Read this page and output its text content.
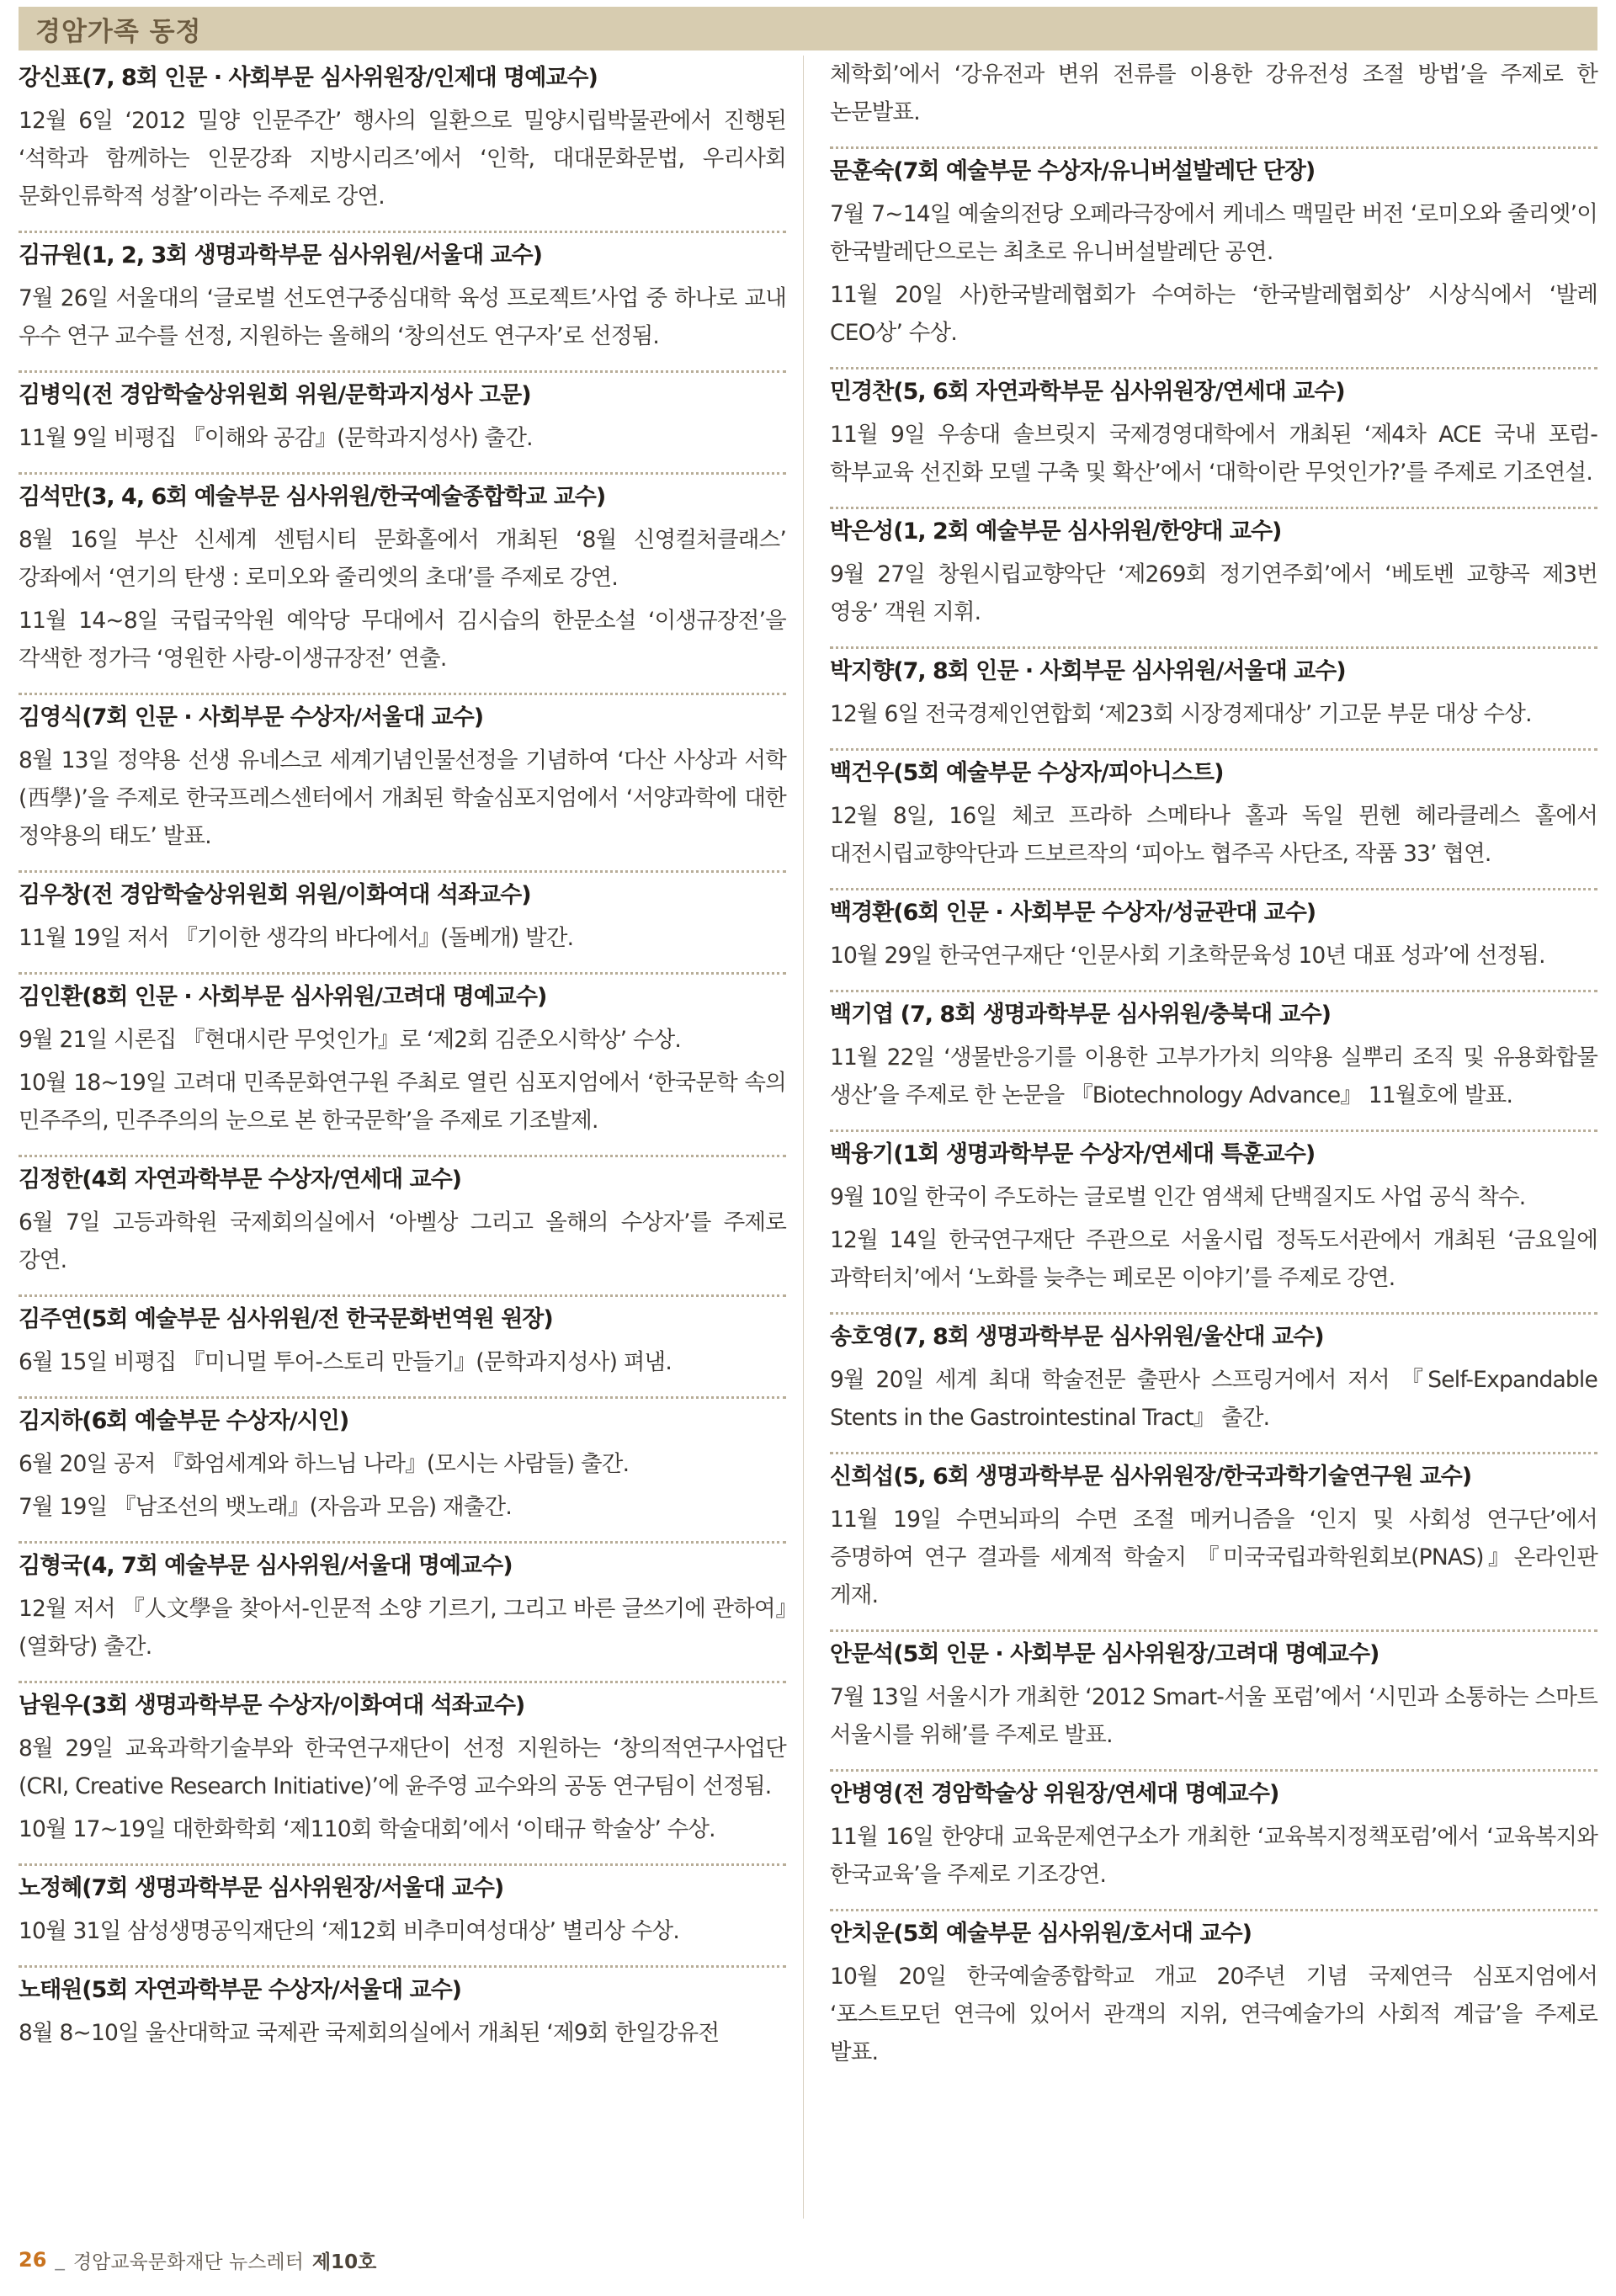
경암가족 동정
강신표(7, 8회 인문 · 사회부문 심사위원장/인제대 명예교수)

12월 6일 ‘2012 밀양 인문주간’ 행사의 일환으로 밀양시립박물관에서 진행된 ‘석학과 함께하는 인문강좌 지방시리즈’에서 ‘인학, 대대문화문법, 우리사회 문화인류학적 성찰’이라는 주제로 강연.

김규원(1, 2, 3회 생명과학부문 심사위원/서울대 교수)

7월 26일 서울대의 ‘글로벌 선도연구중심대학 육성 프로젝트’사업 중 하나로 교내 우수 연구 교수를 선정, 지원하는 올해의 ‘창의선도 연구자’로 선정됨.

김병익(전 경암학술상위원회 위원/문학과지성사 고문)

11월 9일 비평집 『이해와 공감』(문학과지성사) 출간.

김석만(3, 4, 6회 예술부문 심사위원/한국예술종합학교 교수)

8월 16일 부산 신세계 센텀시티 문화홀에서 개최된 ‘8월 신영컬처클래스’ 강좌에서 ‘연기의 탄생 : 로미오와 줄리엣의 초대’를 주제로 강연.

11월 14~8일 국립국악원 예악당 무대에서 김시습의 한문소설 ‘이생규장전’을 각색한 정가극 ‘영원한 사랑-이생규장전’ 연출.

김영식(7회 인문 · 사회부문 수상자/서울대 교수)

8월 13일 정약용 선생 유네스코 세계기념인물선정을 기념하여 ‘다산 사상과 서학(西學)’을 주제로 한국프레스센터에서 개최된 학술심포지엄에서 ‘서양과학에 대한 정약용의 태도’ 발표.

김우창(전 경암학술상위원회 위원/이화여대 석좌교수)

11월 19일 저서 『기이한 생각의 바다에서』(돌베개) 발간.

김인환(8회 인문 · 사회부문 심사위원/고려대 명예교수)

9월 21일 시론집 『현대시란 무엇인가』로 ‘제2회 김준오시학상’ 수상.

10월 18~19일 고려대 민족문화연구원 주최로 열린 심포지엄에서 ‘한국문학 속의 민주주의, 민주주의의 눈으로 본 한국문학’을 주제로 기조발제.

김정한(4회 자연과학부문 수상자/연세대 교수)

6월 7일 고등과학원 국제회의실에서 ‘아벨상 그리고 올해의 수상자’를 주제로 강연.

김주연(5회 예술부문 심사위원/전 한국문화번역원 원장)

6월 15일 비평집 『미니멀 투어-스토리 만들기』(문학과지성사) 펴냄.

김지하(6회 예술부문 수상자/시인)

6월 20일 공저 『화엄세계와 하느님 나라』(모시는 사람들) 출간.

7월 19일 『남조선의 뱃노래』(자음과 모음) 재출간.

김형국(4, 7회 예술부문 심사위원/서울대 명예교수)

12월 저서 『人文學을 찾아서-인문적 소양 기르기, 그리고 바른 글쓰기에 관하여』(열화당) 출간.

남원우(3회 생명과학부문 수상자/이화여대 석좌교수)

8월 29일 교육과학기술부와 한국연구재단이 선정 지원하는 ‘창의적연구사업단(CRI, Creative Research Initiative)’에 윤주영 교수와의 공동 연구팀이 선정됨.

10월 17~19일 대한화학회 ‘제110회 학술대회’에서 ‘이태규 학술상’ 수상.

노정혜(7회 생명과학부문 심사위원장/서울대 교수)

10월 31일 삼성생명공익재단의 ‘제12회 비추미여성대상’ 별리상 수상.

노태원(5회 자연과학부문 수상자/서울대 교수)

8월 8~10일 울산대학교 국제관 국제회의실에서 개최된 ‘제9회 한일강유전

체학회’에서 ‘강유전과 변위 전류를 이용한 강유전성 조절 방법’을 주제로 한 논문발표.

문훈숙(7회 예술부문 수상자/유니버설발레단 단장)

7월 7~14일 예술의전당 오페라극장에서 케네스 맥밀란 버전 ‘로미오와 줄리엣’이 한국발레단으로는 최초로 유니버설발레단 공연.

11월 20일 사)한국발레협회가 수여하는 ‘한국발레협회상’ 시상식에서 ‘발레 CEO상’ 수상.

민경찬(5, 6회 자연과학부문 심사위원장/연세대 교수)

11월 9일 우송대 솔브릿지 국제경영대학에서 개최된 ‘제4차 ACE 국내 포럼-학부교육 선진화 모델 구축 및 확산’에서 ‘대학이란 무엇인가?’를 주제로 기조연설.

박은성(1, 2회 예술부문 심사위원/한양대 교수)

9월 27일 창원시립교향악단 ‘제269회 정기연주회’에서 ‘베토벤 교향곡 제3번 영웅’ 객원 지휘.

박지향(7, 8회 인문 · 사회부문 심사위원/서울대 교수)

12월 6일 전국경제인연합회 ‘제23회 시장경제대상’ 기고문 부문 대상 수상.

백건우(5회 예술부문 수상자/피아니스트)

12월 8일, 16일 체코 프라하 스메타나 홀과 독일 뮌헨 헤라클레스 홀에서 대전시립교향악단과 드보르작의 ‘피아노 협주곡 사단조, 작품 33’ 협연.

백경환(6회 인문 · 사회부문 수상자/성균관대 교수)

10월 29일 한국연구재단 ‘인문사회 기초학문육성 10년 대표 성과’에 선정됨.

백기엽 (7, 8회 생명과학부문 심사위원/충북대 교수)

11월 22일 ‘생물반응기를 이용한 고부가가치 의약용 실뿌리 조직 및 유용화합물 생산’을 주제로 한 논문을 『Biotechnology Advance』 11월호에 발표.

백융기(1회 생명과학부문 수상자/연세대 특훈교수)

9월 10일 한국이 주도하는 글로벌 인간 염색체 단백질지도 사업 공식 착수.

12월 14일 한국연구재단 주관으로 서울시립 정독도서관에서 개최된 ‘금요일에 과학터치’에서 ‘노화를 늦추는 페로몬 이야기’를 주제로 강연.

송호영(7, 8회 생명과학부문 심사위원/울산대 교수)

9월 20일 세계 최대 학술전문 출판사 스프링거에서 저서 『Self-Expandable Stents in the Gastrointestinal Tract』 출간.

신희섭(5, 6회 생명과학부문 심사위원장/한국과학기술연구원 교수)

11월 19일 수면뇌파의 수면 조절 메커니즘을 ‘인지 및 사회성 연구단’에서 증명하여 연구 결과를 세계적 학술지 『미국국립과학원회보(PNAS)』온라인판 게재.

안문석(5회 인문 · 사회부문 심사위원장/고려대 명예교수)

7월 13일 서울시가 개최한 ‘2012 Smart-서울 포럼’에서 ‘시민과 소통하는 스마트 서울시를 위해’를 주제로 발표.

안병영(전 경암학술상 위원장/연세대 명예교수)

11월 16일 한양대 교육문제연구소가 개최한 ‘교육복지정책포럼’에서 ‘교육복지와 한국교육’을 주제로 기조강연.

안치운(5회 예술부문 심사위원/호서대 교수)

10월 20일 한국예술종합학교 개교 20주년 기념 국제연극 심포지엄에서 ‘포스트모던 연극에 있어서 관객의 지위, 연극예술가의 사회적 계급’을 주제로 발표.

26 _ 경암교육문화재단 뉴스레터 제10호
